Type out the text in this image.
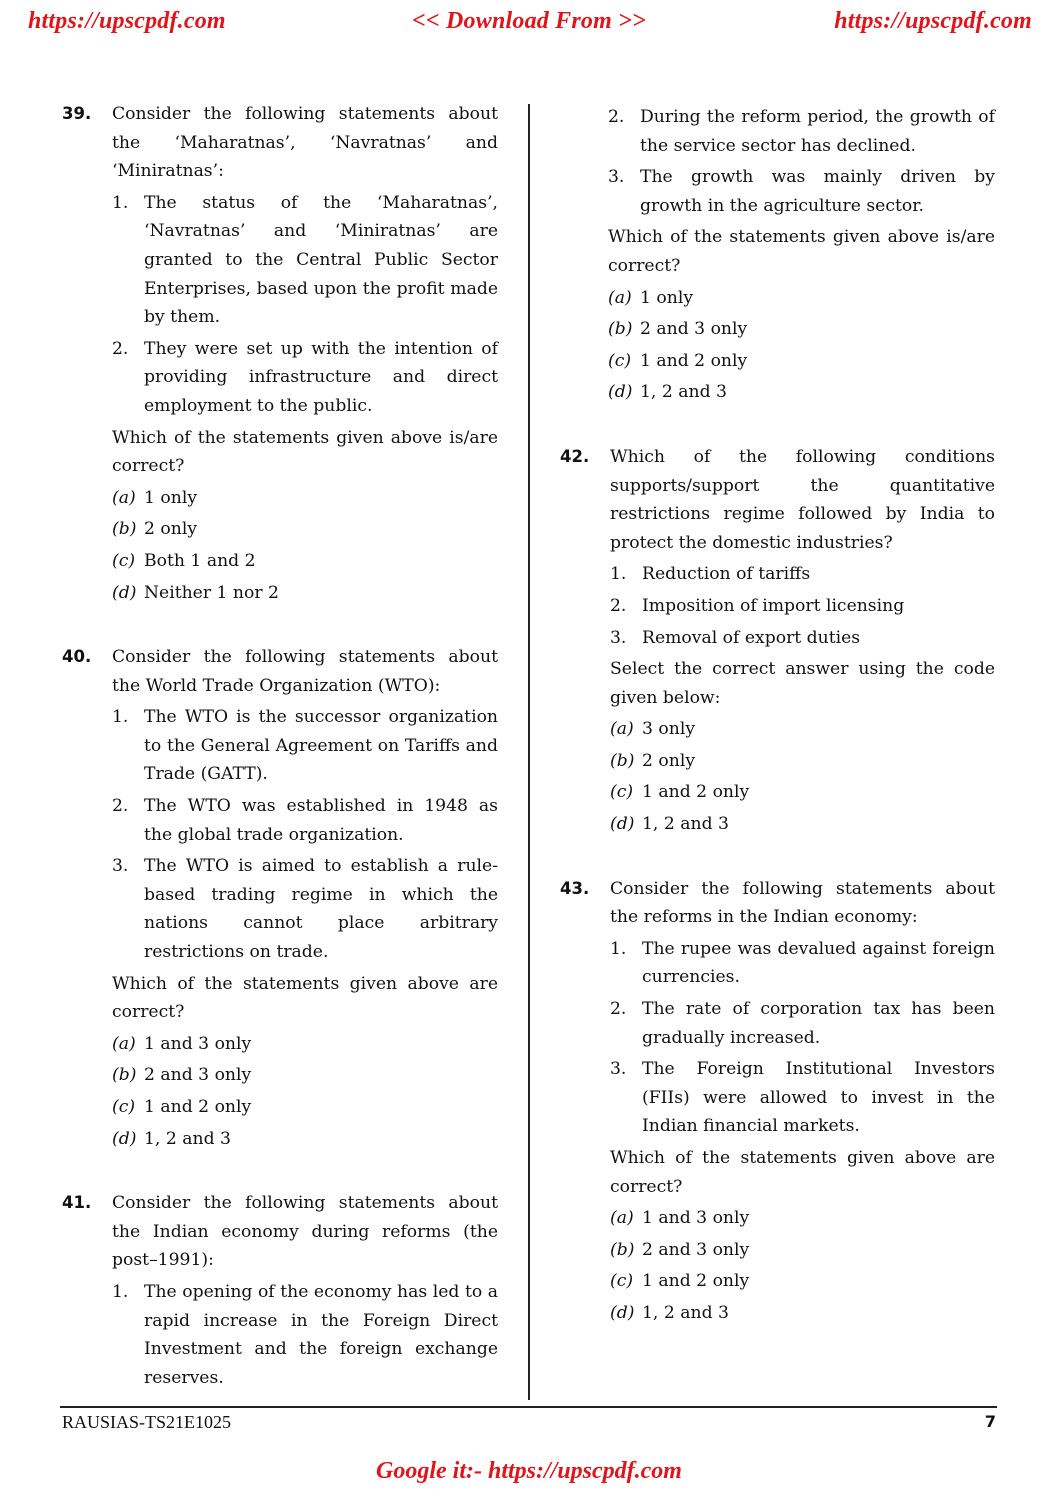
https://upscpdf.com	<< Download From >>	https://upscpdf.com
39.	Consider the following statements about the ‘Maharatnas’, ‘Navratnas’ and ‘Miniratnas’:
1. The status of the ‘Maharatnas’, ‘Navratnas’ and ‘Miniratnas’ are granted to the Central Public Sector Enterprises, based upon the profit made by them.
2. They were set up with the intention of providing infrastructure and direct employment to the public.
Which of the statements given above is/are correct?
(a) 1 only
(b) 2 only
(c) Both 1 and 2
(d) Neither 1 nor 2
40.	Consider the following statements about the World Trade Organization (WTO):
1. The WTO is the successor organization to the General Agreement on Tariffs and Trade (GATT).
2. The WTO was established in 1948 as the global trade organization.
3. The WTO is aimed to establish a rule-based trading regime in which the nations cannot place arbitrary restrictions on trade.
Which of the statements given above are correct?
(a) 1 and 3 only
(b) 2 and 3 only
(c) 1 and 2 only
(d) 1, 2 and 3
41.	Consider the following statements about the Indian economy during reforms (the post–1991):
1. The opening of the economy has led to a rapid increase in the Foreign Direct Investment and the foreign exchange reserves.
2. During the reform period, the growth of the service sector has declined.
3. The growth was mainly driven by growth in the agriculture sector.
Which of the statements given above is/are correct?
(a) 1 only
(b) 2 and 3 only
(c) 1 and 2 only
(d) 1, 2 and 3
42.	Which of the following conditions supports/support the quantitative restrictions regime followed by India to protect the domestic industries?
1. Reduction of tariffs
2. Imposition of import licensing
3. Removal of export duties
Select the correct answer using the code given below:
(a) 3 only
(b) 2 only
(c) 1 and 2 only
(d) 1, 2 and 3
43.	Consider the following statements about the reforms in the Indian economy:
1. The rupee was devalued against foreign currencies.
2. The rate of corporation tax has been gradually increased.
3. The Foreign Institutional Investors (FIIs) were allowed to invest in the Indian financial markets.
Which of the statements given above are correct?
(a) 1 and 3 only
(b) 2 and 3 only
(c) 1 and 2 only
(d) 1, 2 and 3
RAUSIAS-TS21E1025	7
Google it:- https://upscpdf.com
